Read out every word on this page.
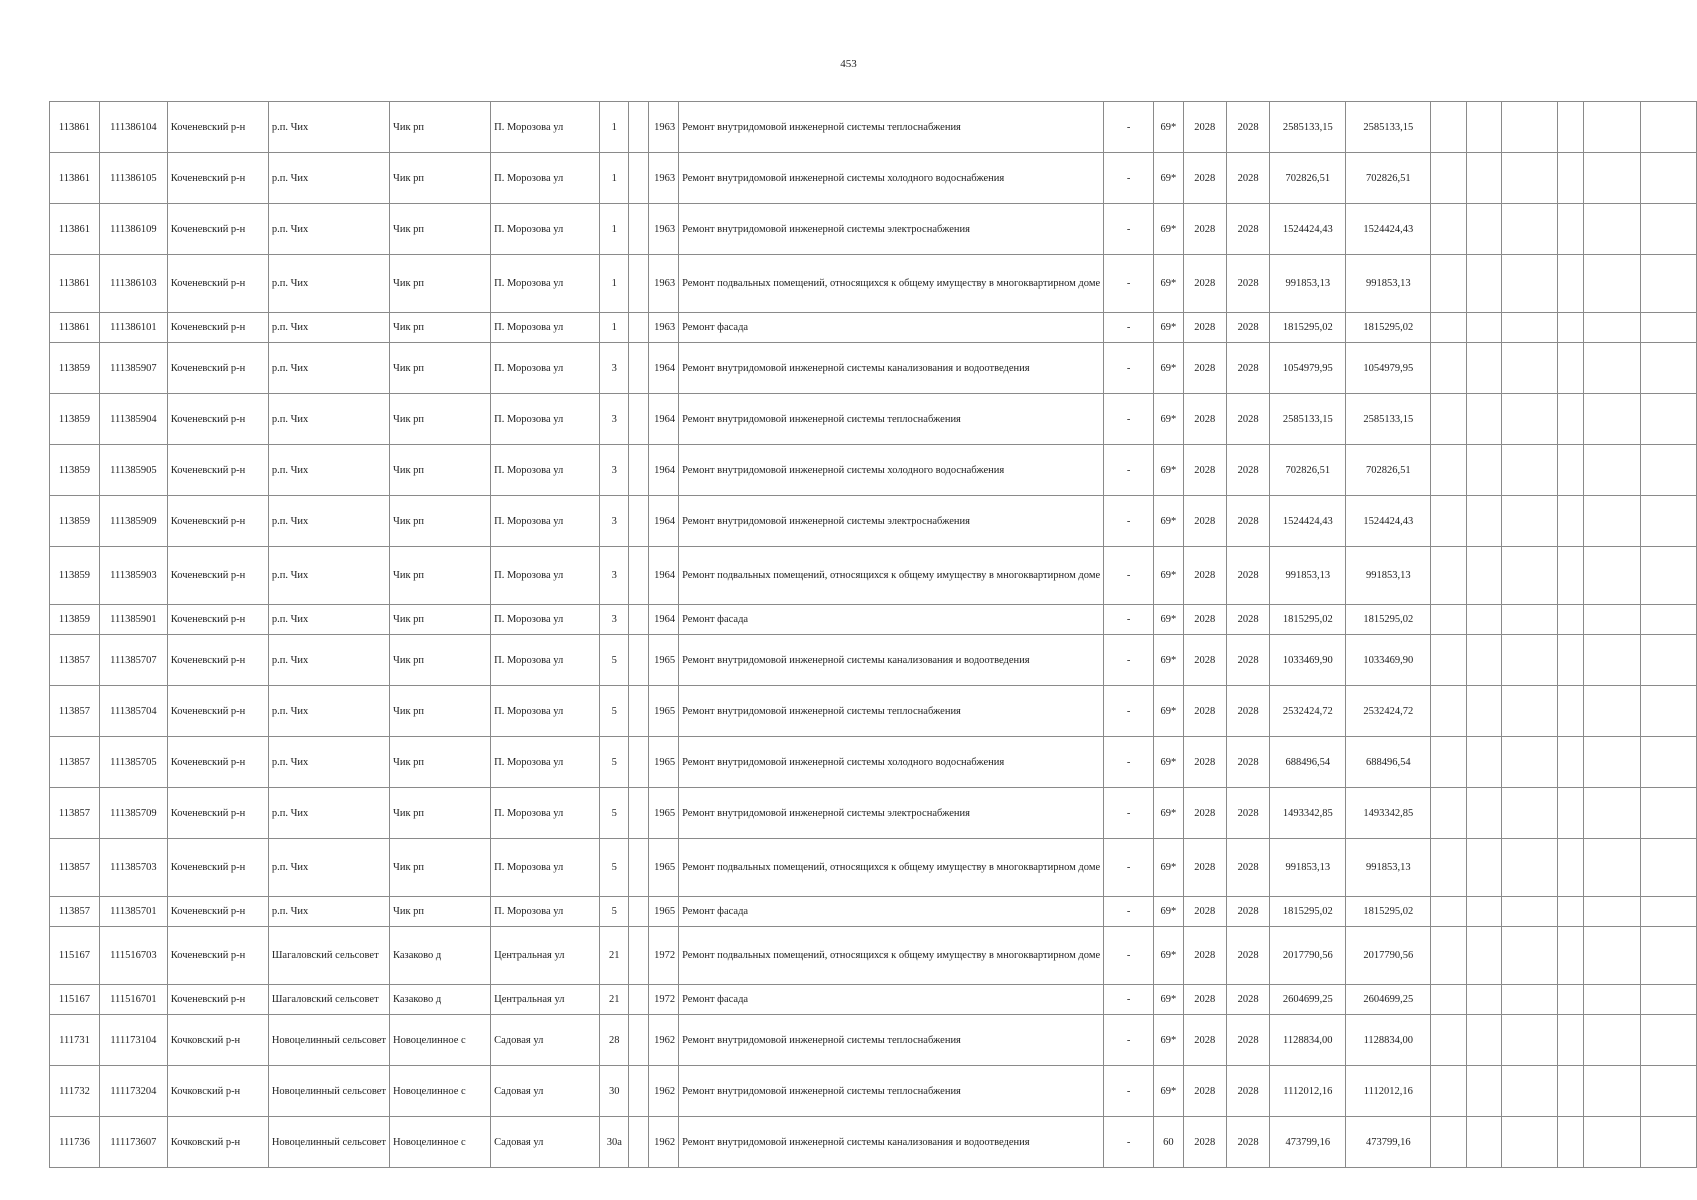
453
113861	111386104	Коченевский р-н	р.п. Чих	Чик рп	П. Морозова ул	1		1963	Ремонт внутридомовой инженерной системы теплоснабжения	-	69*	2028	2028	2585133,15	2585133,15						
113861	111386105	Коченевский р-н	р.п. Чих	Чик рп	П. Морозова ул	1		1963	Ремонт внутридомовой инженерной системы холодного водоснабжения	-	69*	2028	2028	702826,51	702826,51						
113861	111386109	Коченевский р-н	р.п. Чих	Чик рп	П. Морозова ул	1		1963	Ремонт внутридомовой инженерной системы электроснабжения	-	69*	2028	2028	1524424,43	1524424,43						
113861	111386103	Коченевский р-н	р.п. Чих	Чик рп	П. Морозова ул	1		1963	Ремонт подвальных помещений, относящихся к общему имуществу в многоквартирном доме	-	69*	2028	2028	991853,13	991853,13						
113861	111386101	Коченевский р-н	р.п. Чих	Чик рп	П. Морозова ул	1		1963	Ремонт фасада	-	69*	2028	2028	1815295,02	1815295,02						
113859	111385907	Коченевский р-н	р.п. Чих	Чик рп	П. Морозова ул	3		1964	Ремонт внутридомовой инженерной системы канализования и водоотведения	-	69*	2028	2028	1054979,95	1054979,95						
113859	111385904	Коченевский р-н	р.п. Чих	Чик рп	П. Морозова ул	3		1964	Ремонт внутридомовой инженерной системы теплоснабжения	-	69*	2028	2028	2585133,15	2585133,15						
113859	111385905	Коченевский р-н	р.п. Чих	Чик рп	П. Морозова ул	3		1964	Ремонт внутридомовой инженерной системы холодного водоснабжения	-	69*	2028	2028	702826,51	702826,51						
113859	111385909	Коченевский р-н	р.п. Чих	Чик рп	П. Морозова ул	3		1964	Ремонт внутридомовой инженерной системы электроснабжения	-	69*	2028	2028	1524424,43	1524424,43						
113859	111385903	Коченевский р-н	р.п. Чих	Чик рп	П. Морозова ул	3		1964	Ремонт подвальных помещений, относящихся к общему имуществу в многоквартирном доме	-	69*	2028	2028	991853,13	991853,13						
113859	111385901	Коченевский р-н	р.п. Чих	Чик рп	П. Морозова ул	3		1964	Ремонт фасада	-	69*	2028	2028	1815295,02	1815295,02						
113857	111385707	Коченевский р-н	р.п. Чих	Чик рп	П. Морозова ул	5		1965	Ремонт внутридомовой инженерной системы канализования и водоотведения	-	69*	2028	2028	1033469,90	1033469,90						
113857	111385704	Коченевский р-н	р.п. Чих	Чик рп	П. Морозова ул	5		1965	Ремонт внутридомовой инженерной системы теплоснабжения	-	69*	2028	2028	2532424,72	2532424,72						
113857	111385705	Коченевский р-н	р.п. Чих	Чик рп	П. Морозова ул	5		1965	Ремонт внутридомовой инженерной системы холодного водоснабжения	-	69*	2028	2028	688496,54	688496,54						
113857	111385709	Коченевский р-н	р.п. Чих	Чик рп	П. Морозова ул	5		1965	Ремонт внутридомовой инженерной системы электроснабжения	-	69*	2028	2028	1493342,85	1493342,85						
113857	111385703	Коченевский р-н	р.п. Чих	Чик рп	П. Морозова ул	5		1965	Ремонт подвальных помещений, относящихся к общему имуществу в многоквартирном доме	-	69*	2028	2028	991853,13	991853,13						
113857	111385701	Коченевский р-н	р.п. Чих	Чик рп	П. Морозова ул	5		1965	Ремонт фасада	-	69*	2028	2028	1815295,02	1815295,02						
115167	111516703	Коченевский р-н	Шагаловский сельсовет	Казаково д	Центральная ул	21		1972	Ремонт подвальных помещений, относящихся к общему имуществу в многоквартирном доме	-	69*	2028	2028	2017790,56	2017790,56						
115167	111516701	Коченевский р-н	Шагаловский сельсовет	Казаково д	Центральная ул	21		1972	Ремонт фасада	-	69*	2028	2028	2604699,25	2604699,25						
111731	111173104	Кочковский р-н	Новоцелинный сельсовет	Новоцелинное с	Садовая ул	28		1962	Ремонт внутридомовой инженерной системы теплоснабжения	-	69*	2028	2028	1128834,00	1128834,00						
111732	111173204	Кочковский р-н	Новоцелинный сельсовет	Новоцелинное с	Садовая ул	30		1962	Ремонт внутридомовой инженерной системы теплоснабжения	-	69*	2028	2028	1112012,16	1112012,16						
111736	111173607	Кочковский р-н	Новоцелинный сельсовет	Новоцелинное с	Садовая ул	30а		1962	Ремонт внутридомовой инженерной системы канализования и водоотведения	-	60	2028	2028	473799,16	473799,16						
